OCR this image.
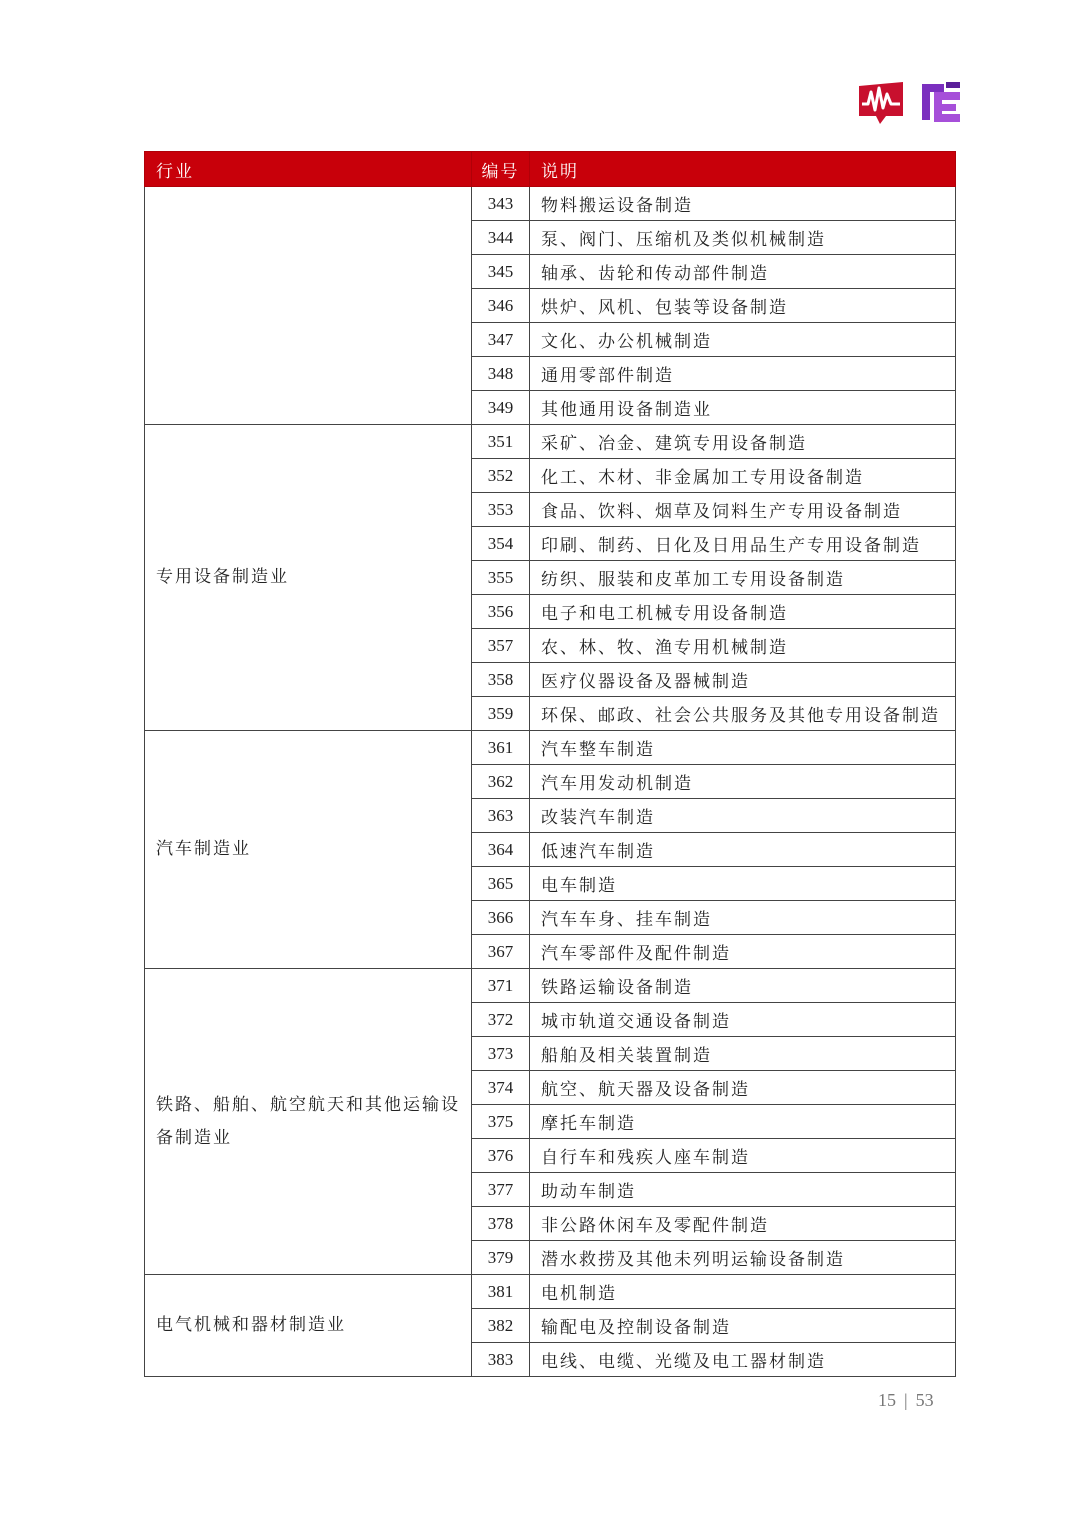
行业	编号	说明
	343	物料搬运设备制造
	344	泵、阀门、压缩机及类似机械制造
	345	轴承、齿轮和传动部件制造
	346	烘炉、风机、包装等设备制造
	347	文化、办公机械制造
	348	通用零部件制造
	349	其他通用设备制造业
专用设备制造业	351	采矿、冶金、建筑专用设备制造
	352	化工、木材、非金属加工专用设备制造
	353	食品、饮料、烟草及饲料生产专用设备制造
	354	印刷、制药、日化及日用品生产专用设备制造
	355	纺织、服装和皮革加工专用设备制造
	356	电子和电工机械专用设备制造
	357	农、林、牧、渔专用机械制造
	358	医疗仪器设备及器械制造
	359	环保、邮政、社会公共服务及其他专用设备制造
汽车制造业	361	汽车整车制造
	362	汽车用发动机制造
	363	改装汽车制造
	364	低速汽车制造
	365	电车制造
	366	汽车车身、挂车制造
	367	汽车零部件及配件制造
铁路、船舶、航空航天和其他运输设备制造业	371	铁路运输设备制造
	372	城市轨道交通设备制造
	373	船舶及相关装置制造
	374	航空、航天器及设备制造
	375	摩托车制造
	376	自行车和残疾人座车制造
	377	助动车制造
	378	非公路休闲车及零配件制造
	379	潜水救捞及其他未列明运输设备制造
电气机械和器材制造业	381	电机制造
	382	输配电及控制设备制造
	383	电线、电缆、光缆及电工器材制造
15 | 53
